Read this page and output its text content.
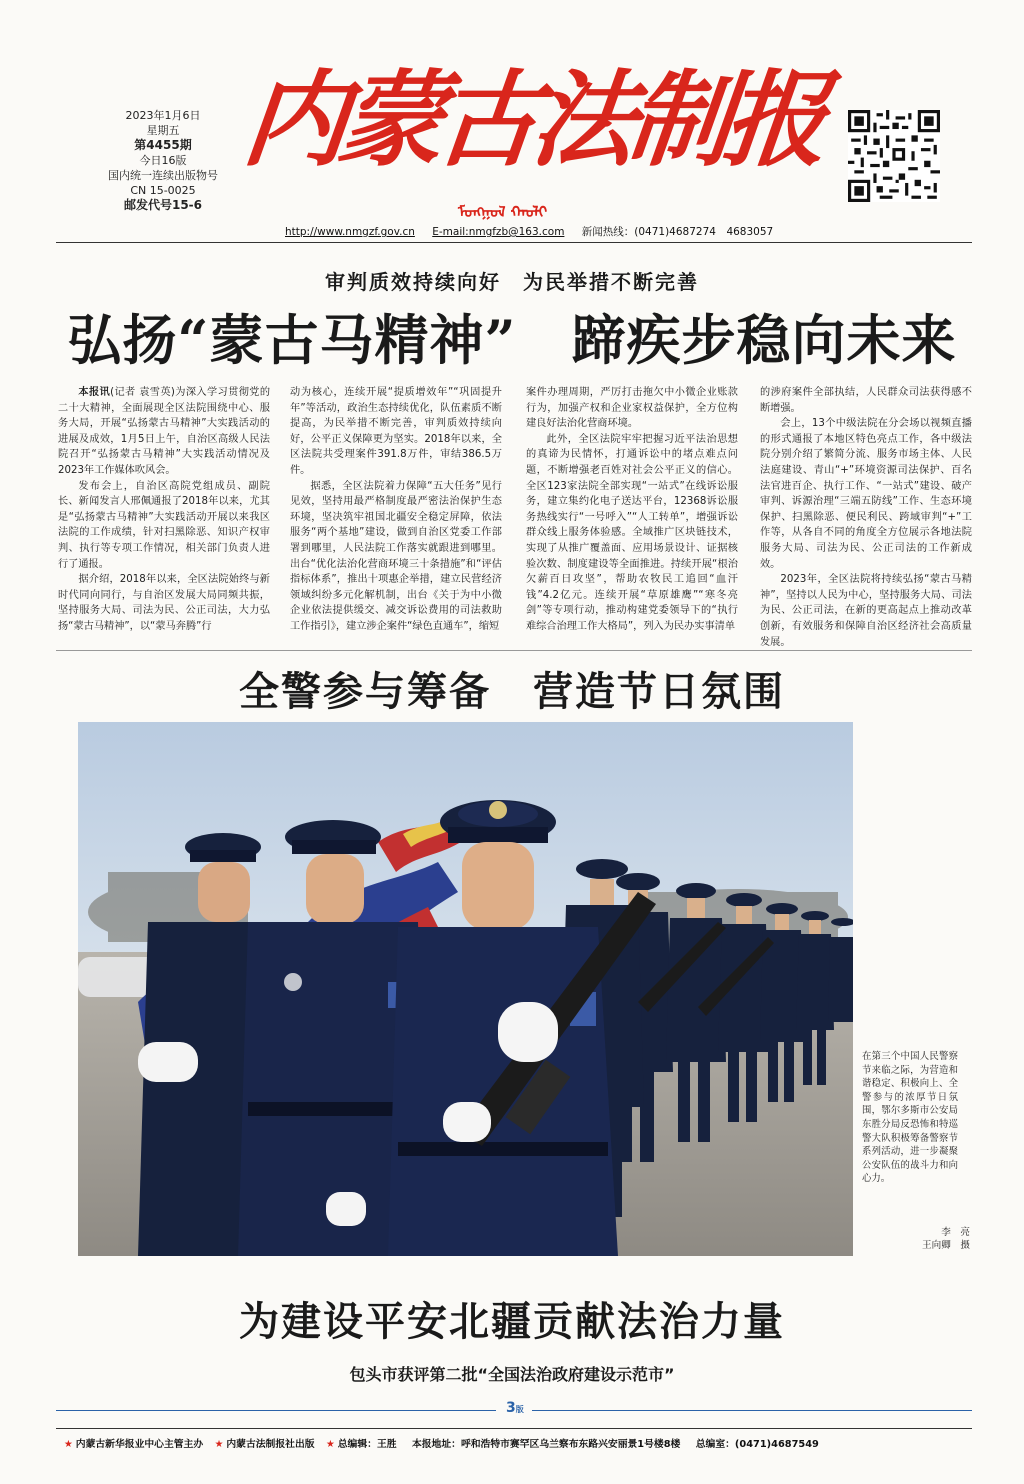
2023年1月6日
星期五
第4455期
今日16版
国内统一连续出版物号
CN 15-0025
邮发代号15-6
内蒙古法制报
ᠮᠣᠩᠭᠣᠯ ᠬᠠᠤᠯᠢ
http://www.nmgzf.gov.cn E-mail:nmgfzb@163.com 新闻热线：(0471)4687274　4683057
审判质效持续向好　为民举措不断完善
弘扬“蒙古马精神”　蹄疾步稳向未来

本报讯(记者 袁雪英)为深入学习贯彻党的二十大精神，全面展现全区法院围绕中心、服务大局，开展“弘扬蒙古马精神”大实践活动的进展及成效，1月5日上午，自治区高级人民法院召开“弘扬蒙古马精神”大实践活动情况及2023年工作媒体吹风会。

发布会上，自治区高院党组成员、副院长、新闻发言人邢佩通报了2018年以来，尤其是“弘扬蒙古马精神”大实践活动开展以来我区法院的工作成绩，针对扫黑除恶、知识产权审判、执行等专项工作情况，相关部门负责人进行了通报。

据介绍，2018年以来，全区法院始终与新时代同向同行，与自治区发展大局同频共振，坚持服务大局、司法为民、公正司法，大力弘扬“蒙古马精神”，以“蒙马奔腾”行

动为核心，连续开展“提质增效年”“巩固提升年”等活动，政治生态持续优化，队伍素质不断提高，为民举措不断完善，审判质效持续向好，公平正义保障更为坚实。2018年以来，全区法院共受理案件391.8万件，审结386.5万件。

据悉，全区法院着力保障“五大任务”见行见效，坚持用最严格制度最严密法治保护生态环境，坚决筑牢祖国北疆安全稳定屏障，依法服务“两个基地”建设，做到自治区党委工作部署到哪里，人民法院工作落实就跟进到哪里。出台“优化法治化营商环境三十条措施”和“评估指标体系”，推出十项惠企举措，建立民营经济领域纠纷多元化解机制，出台《关于为中小微企业依法提供缓交、减交诉讼费用的司法救助工作指引》，建立涉企案件“绿色直通车”，缩短

案件办理周期，严厉打击拖欠中小微企业账款行为，加强产权和企业家权益保护，全方位构建良好法治化营商环境。

此外，全区法院牢牢把握习近平法治思想的真谛为民情怀，打通诉讼中的堵点难点问题，不断增强老百姓对社会公平正义的信心。全区123家法院全部实现“一站式”在线诉讼服务，建立集约化电子送达平台，12368诉讼服务热线实行“一号呼入”“人工转单”，增强诉讼群众线上服务体验感。全域推广区块链技术，实现了从推广覆盖面、应用场景设计、证据核验次数、制度建设等全面推进。持续开展“根治欠薪百日攻坚”，帮助农牧民工追回“血汗钱”4.2亿元。连续开展“草原雄鹰”“寒冬亮剑”等专项行动，推动构建党委领导下的“执行难综合治理工作大格局”，列入为民办实事清单

的涉府案件全部执结，人民群众司法获得感不断增强。

会上，13个中级法院在分会场以视频直播的形式通报了本地区特色亮点工作，各中级法院分别介绍了繁简分流、服务市场主体、人民法庭建设、青山“+”环境资源司法保护、百名法官进百企、执行工作、“一站式”建设、破产审判、诉源治理“三端五防线”工作、生态环境保护、扫黑除恶、便民利民、跨域审判“+”工作等，从各自不同的角度全方位展示各地法院服务大局、司法为民、公正司法的工作新成效。

2023年，全区法院将持续弘扬“蒙古马精神”，坚持以人民为中心，坚持服务大局、司法为民、公正司法，在新的更高起点上推动改革创新，有效服务和保障自治区经济社会高质量发展。

全警参与筹备　营造节日氛围
在第三个中国人民警察节来临之际，为营造和谐稳定、积极向上、全警参与的浓厚节日氛围，鄂尔多斯市公安局东胜分局反恐怖和特巡警大队积极筹备警察节系列活动，进一步凝聚公安队伍的战斗力和向心力。
李　亮
王向卿　摄
为建设平安北疆贡献法治力量
包头市获评第二批“全国法治政府建设示范市”
3版
★ 内蒙古新华报业中心主管主办 ★ 内蒙古法制报社出版 ★ 总编辑：王胜 本报地址：呼和浩特市赛罕区乌兰察布东路兴安丽景1号楼8楼 总编室：(0471)4687549
